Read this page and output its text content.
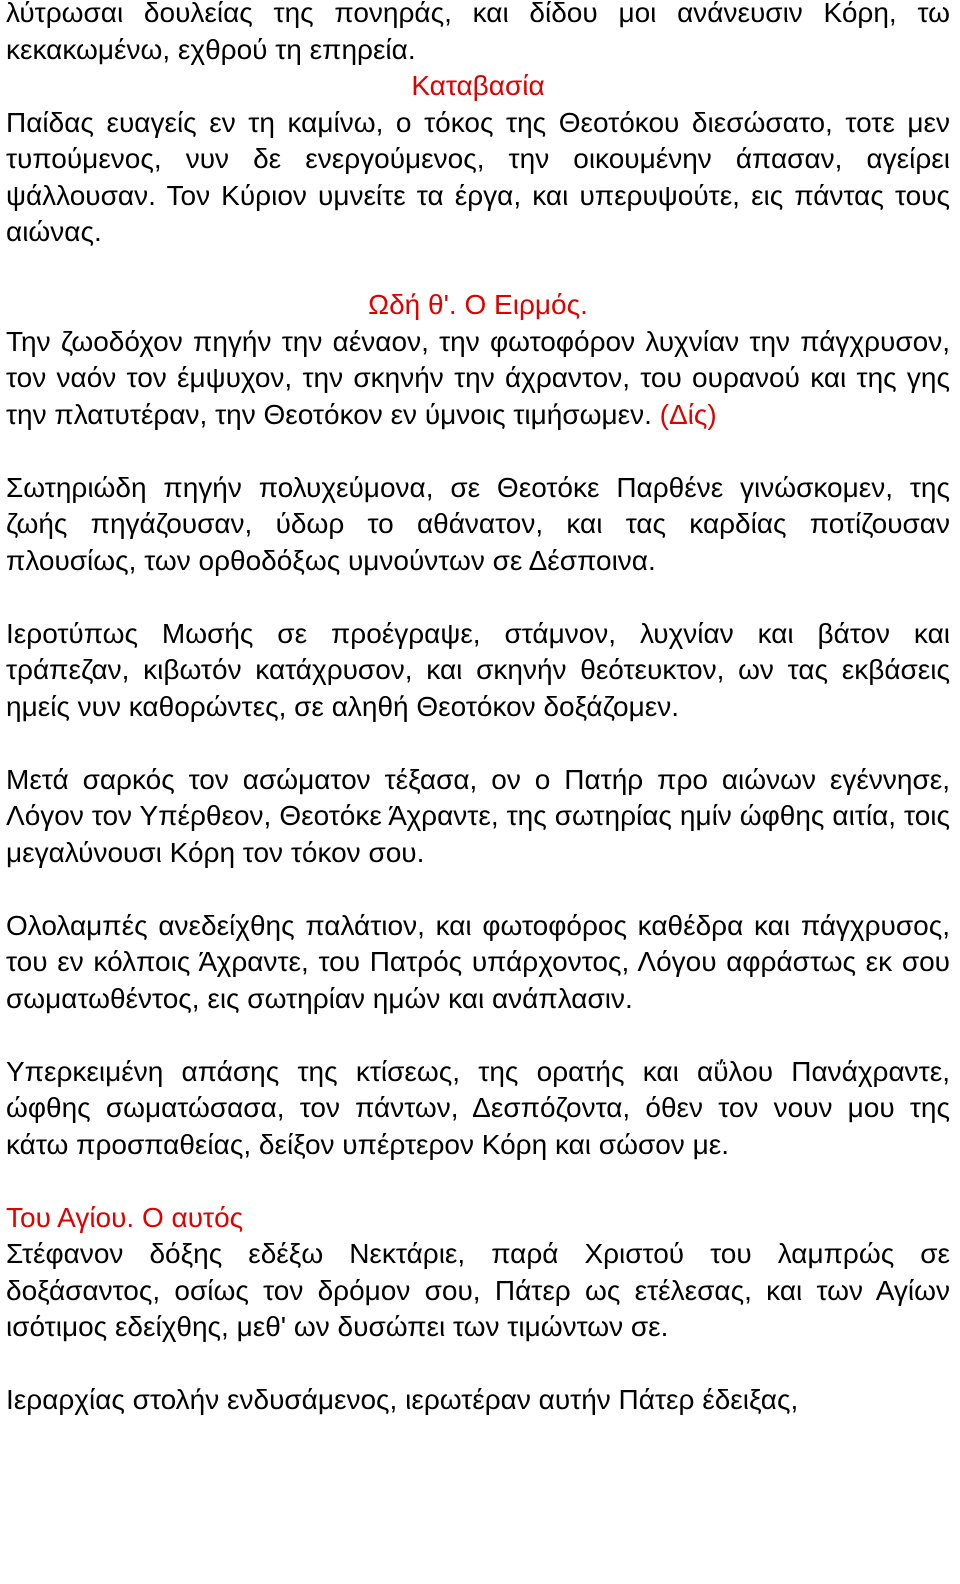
λύτρωσαι δουλείας της πονηράς, και δίδου μοι ανάνευσιν Κόρη, τω κεκακωμένω, εχθρού τη επηρεία.

Καταβασία

Παίδας ευαγείς εν τη καμίνω, ο τόκος της Θεοτόκου διεσώσατο, τοτε μεν τυπούμενος, νυν δε ενεργούμενος, την οικουμένην άπασαν, αγείρει ψάλλουσαν. Τον Κύριον υμνείτε τα έργα, και υπερυψούτε, εις πάντας τους αιώνας.

Ωδή θ'. Ο Ειρμός.

Την ζωοδόχον πηγήν την αέναον, την φωτοφόρον λυχνίαν την πάγχρυσον, τον ναόν τον έμψυχον, την σκηνήν την άχραντον, του ουρανού και της γης την πλατυτέραν, την Θεοτόκον εν ύμνοις τιμήσωμεν. (Δίς)

Σωτηριώδη πηγήν πολυχεύμονα, σε Θεοτόκε Παρθένε γινώσκομεν, της ζωής πηγάζουσαν, ύδωρ το αθάνατον, και τας καρδίας ποτίζουσαν πλουσίως, των ορθοδόξως υμνούντων σε Δέσποινα.

Ιεροτύπως Μωσής σε προέγραψε, στάμνον, λυχνίαν και βάτον και τράπεζαν, κιβωτόν κατάχρυσον, και σκηνήν θεότευκτον, ων τας εκβάσεις ημείς νυν καθορώντες, σε αληθή Θεοτόκον δοξάζομεν.

Μετά σαρκός τον ασώματον τέξασα, ον ο Πατήρ προ αιώνων εγέννησε, Λόγον τον Υπέρθεον, Θεοτόκε Άχραντε, της σωτηρίας ημίν ώφθης αιτία, τοις μεγαλύνουσι Κόρη τον τόκον σου.

Ολολαμπές ανεδείχθης παλάτιον, και φωτοφόρος καθέδρα και πάγχρυσος, του εν κόλποις Άχραντε, του Πατρός υπάρχοντος, Λόγου αφράστως εκ σου σωματωθέντος, εις σωτηρίαν ημών και ανάπλασιν.

Υπερκειμένη απάσης της κτίσεως, της ορατής και αΰλου Πανάχραντε, ώφθης σωματώσασα, τον πάντων, Δεσπόζοντα, όθεν τον νουν μου της κάτω προσπαθείας, δείξον υπέρτερον Κόρη και σώσον με.

Του Αγίου. Ο αυτός

Στέφανον δόξης εδέξω Νεκτάριε, παρά Χριστού του λαμπρώς σε δοξάσαντος, οσίως τον δρόμον σου, Πάτερ ως ετέλεσας, και των Αγίων ισότιμος εδείχθης, μεθ' ων δυσώπει των τιμώντων σε.

Ιεραρχίας στολήν ενδυσάμενος, ιερωτέραν αυτήν Πάτερ έδειξας,
